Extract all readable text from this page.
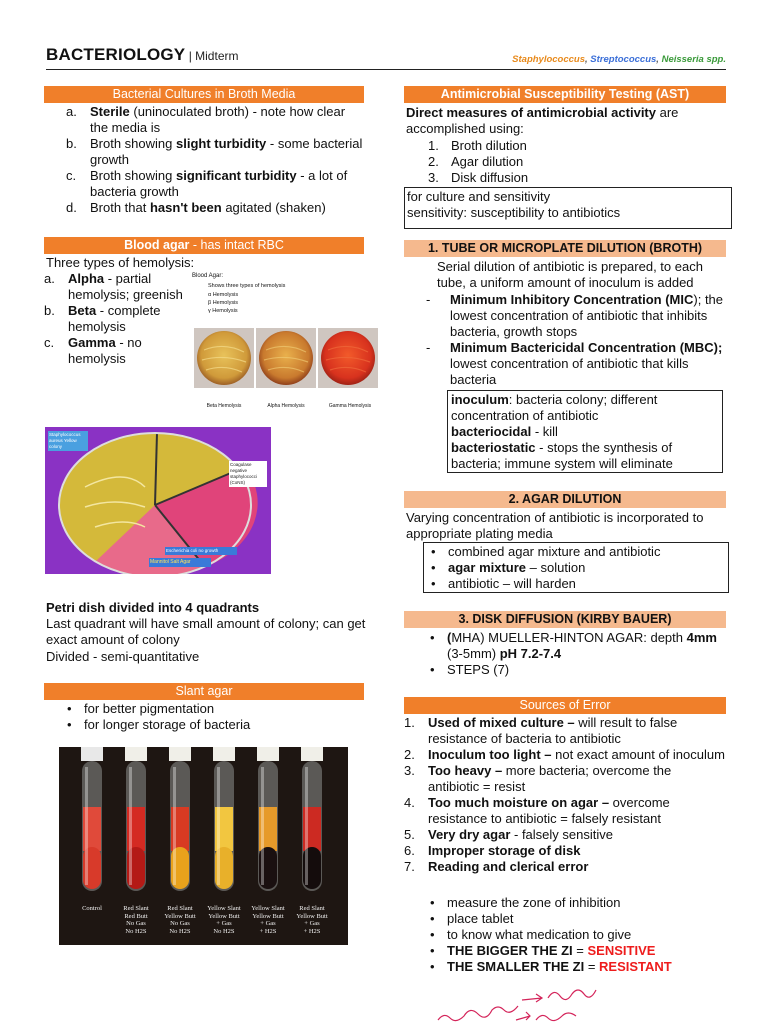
BACTERIOLOGY | Midterm	Staphylococcus, Streptococcus, Neisseria spp.
Bacterial Cultures in Broth Media
a.	Sterile (uninoculated broth) - note how clear the media is
b.	Broth showing slight turbidity - some bacterial growth
c.	Broth showing significant turbidity - a lot of bacteria growth
d.	Broth that hasn't been agitated (shaken)
Blood agar - has intact RBC
Three types of hemolysis:
a.	Alpha - partial hemolysis; greenish
b.	Beta - complete hemolysis
c.	Gamma - no hemolysis
Blood Agar:
Shows three types of hemolysis
α Hemolysis
β Hemolysis
γ Hemolysis
Beta Hemolysis	Alpha Hemolysis	Gamma Hemolysis
Staphylococcus aureus Yellow colony
Coagulase negative staphylococci (CoNS)
Escherichia coli no growth
Mannitol Salt Agar
Petri dish divided into 4 quadrants
Last quadrant will have small amount of colony; can get exact amount of colony
Divided - semi-quantitative
Slant agar
• for better pigmentation
• for longer storage of bacteria
Control	Red Slant
Red Butt
No Gas
No H2S
Red Slant
Yellow Butt
No Gas
No H2S
Yellow Slant
Yellow Butt
+ Gas
No H2S
Yellow Slant
Yellow Butt
+ Gas
+ H2S
Red Slant
Yellow Butt
+ Gas
+ H2S
Antimicrobial Susceptibility Testing (AST)
Direct measures of antimicrobial activity are accomplished using:
1. Broth dilution
2. Agar dilution
3. Disk diffusion
for culture and sensitivity
sensitivity: susceptibility to antibiotics
1. TUBE OR MICROPLATE DILUTION (BROTH)
Serial dilution of antibiotic is prepared, to each tube, a uniform amount of inoculum is added
-	Minimum Inhibitory Concentration (MIC); the lowest concentration of antibiotic that inhibits bacteria, growth stops
-	Minimum Bactericidal Concentration (MBC); lowest concentration of antibiotic that kills bacteria
inoculum: bacteria colony; different concentration of antibiotic
bacteriocidal - kill
bacteriostatic - stops the synthesis of bacteria; immune system will eliminate
2. AGAR DILUTION
Varying concentration of antibiotic is incorporated to appropriate plating media
• combined agar mixture and antibiotic
• agar mixture – solution
• antibiotic – will harden
3. DISK DIFFUSION (KIRBY BAUER)
• (MHA) MUELLER-HINTON AGAR: depth 4mm (3-5mm) pH 7.2-7.4
• STEPS (7)
Sources of Error
1.	Used of mixed culture – will result to false resistance of bacteria to antibiotic
2.	Inoculum too light – not exact amount of inoculum
3.	Too heavy – more bacteria; overcome the antibiotic = resist
4.	Too much moisture on agar – overcome resistance to antibiotic = falsely resistant
5.	Very dry agar - falsely sensitive
6.	Improper storage of disk
7.	Reading and clerical error
• measure the zone of inhibition
• place tablet
• to know what medication to give
• THE BIGGER THE ZI = SENSITIVE
• THE SMALLER THE ZI = RESISTANT
